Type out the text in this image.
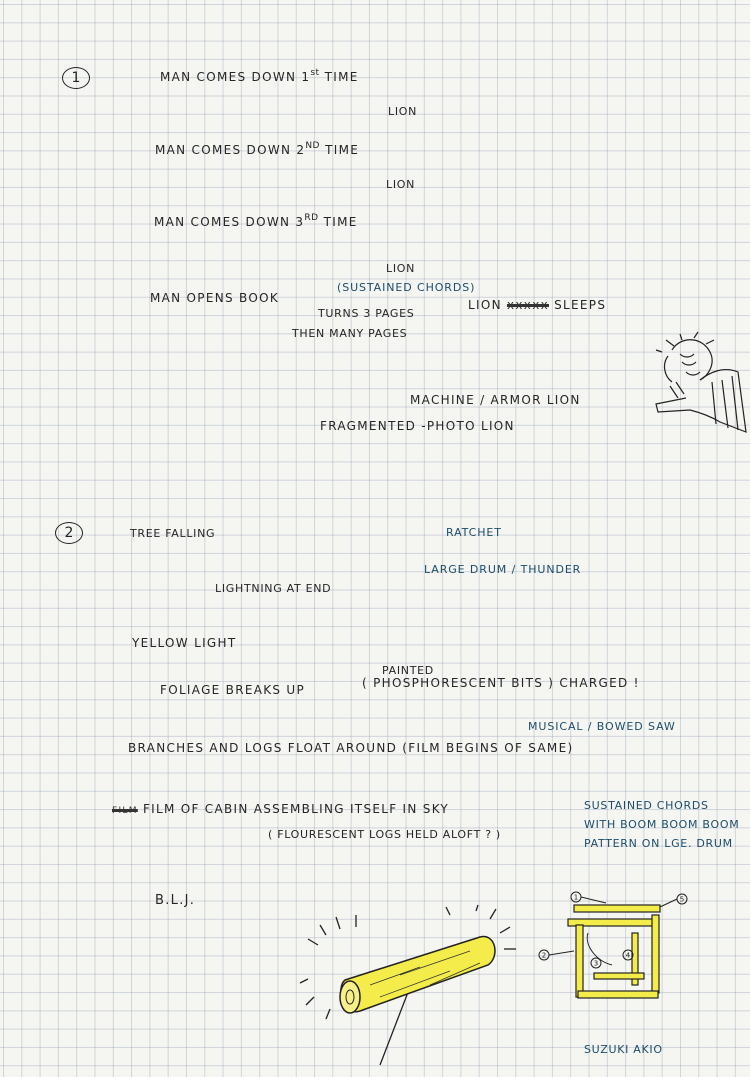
1	MAN COMES DOWN 1st TIME
LION
MAN COMES DOWN 2ND TIME
LION
MAN COMES DOWN 3RD TIME
LION
MAN OPENS BOOK
(SUSTAINED CHORDS)
LION xxxxx SLEEPS
TURNS 3 PAGES
THEN MANY PAGES
MACHINE / ARMOR LION
FRAGMENTED -PHOTO LION
2	TREE FALLING	RATCHET
LARGE DRUM / THUNDER
LIGHTNING AT END
YELLOW LIGHT
FOLIAGE BREAKS UP
PAINTED
( PHOSPHORESCENT BITS ) CHARGED !
MUSICAL / BOWED SAW
BRANCHES AND LOGS FLOAT AROUND (FILM BEGINS OF SAME)
FILM FILM OF CABIN ASSEMBLING ITSELF IN SKY
( FLOURESCENT LOGS HELD ALOFT ? )
SUSTAINED CHORDS
WITH BOOM BOOM BOOM
PATTERN ON LGE. DRUM
B.L.J.	1
2
3
4
5
SUZUKI AKIO
